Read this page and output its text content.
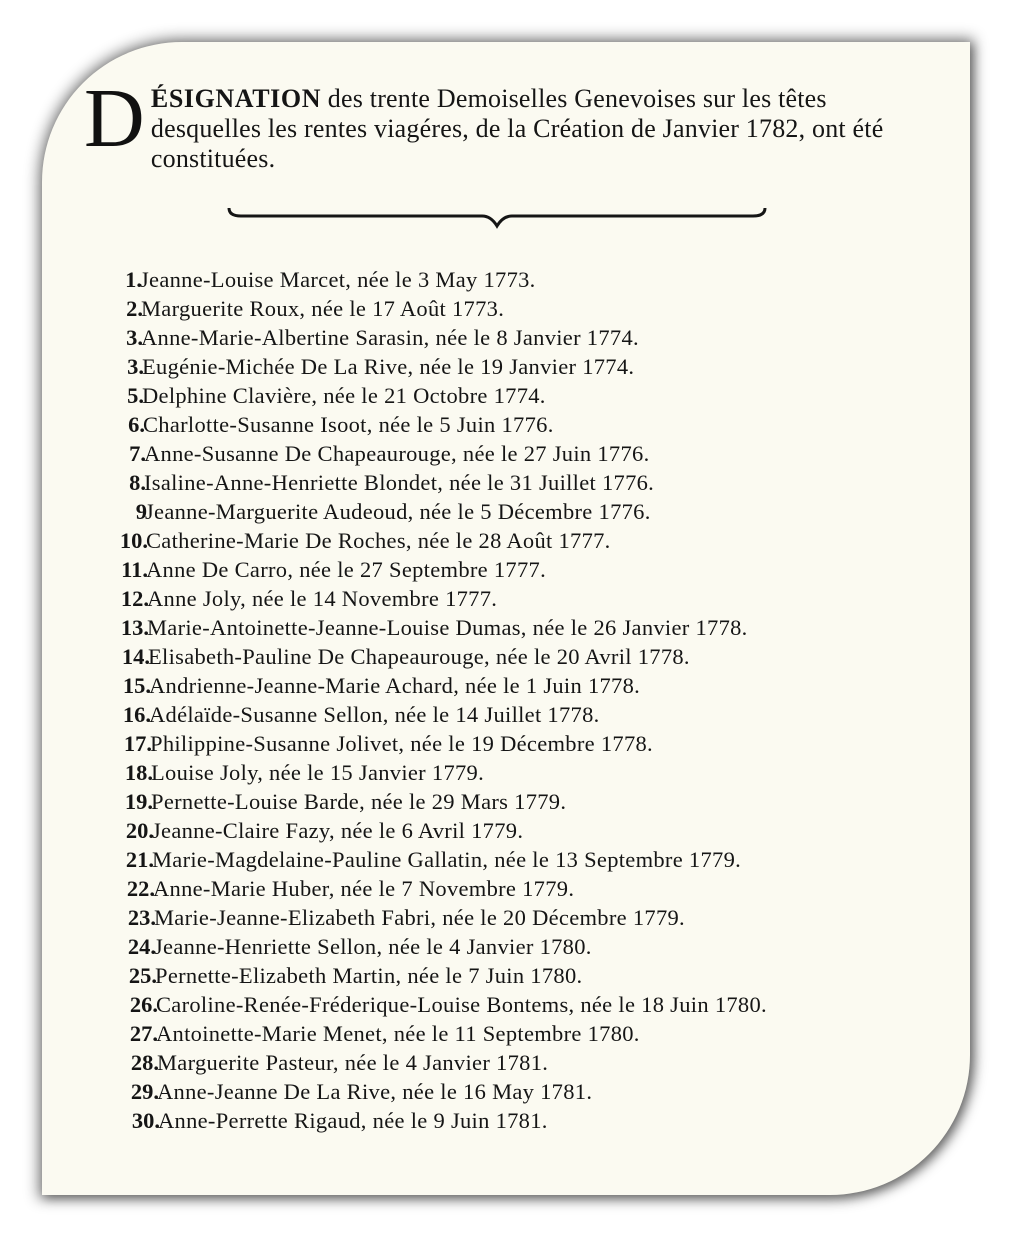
D ÉSIGNATION des trente Demoiselles Genevoises sur les têtes desquelles les rentes viagéres, de la Création de Janvier 1782, ont été constituées.
1.
Jeanne-Louise Marcet, née le 3 May 1773.
2.
Marguerite Roux, née le 17 Août 1773.
3.
Anne-Marie-Albertine Sarasin, née le 8 Janvier 1774.
3.
Eugénie-Michée De La Rive, née le 19 Janvier 1774.
5.
Delphine Clavière, née le 21 Octobre 1774.
6.
Charlotte-Susanne Isoot, née le 5 Juin 1776.
7.
Anne-Susanne De Chapeaurouge, née le 27 Juin 1776.
8.
Isaline-Anne-Henriette Blondet, née le 31 Juillet 1776.
9
Jeanne-Marguerite Audeoud, née le 5 Décembre 1776.
10.
Catherine-Marie De Roches, née le 28 Août 1777.
11.
Anne De Carro, née le 27 Septembre 1777.
12.
Anne Joly, née le 14 Novembre 1777.
13.
Marie-Antoinette-Jeanne-Louise Dumas, née le 26 Janvier 1778.
14.
Elisabeth-Pauline De Chapeaurouge, née le 20 Avril 1778.
15.
Andrienne-Jeanne-Marie Achard, née le 1 Juin 1778.
16.
Adélaïde-Susanne Sellon, née le 14 Juillet 1778.
17.
Philippine-Susanne Jolivet, née le 19 Décembre 1778.
18.
Louise Joly, née le 15 Janvier 1779.
19.
Pernette-Louise Barde, née le 29 Mars 1779.
20.
Jeanne-Claire Fazy, née le 6 Avril 1779.
21.
Marie-Magdelaine-Pauline Gallatin, née le 13 Septembre 1779.
22.
Anne-Marie Huber, née le 7 Novembre 1779.
23.
Marie-Jeanne-Elizabeth Fabri, née le 20 Décembre 1779.
24.
Jeanne-Henriette Sellon, née le 4 Janvier 1780.
25.
Pernette-Elizabeth Martin, née le 7 Juin 1780.
26.
Caroline-Renée-Fréderique-Louise Bontems, née le 18 Juin 1780.
27.
Antoinette-Marie Menet, née le 11 Septembre 1780.
28.
Marguerite Pasteur, née le 4 Janvier 1781.
29.
Anne-Jeanne De La Rive, née le 16 May 1781.
30.
Anne-Perrette Rigaud, née le 9 Juin 1781.
